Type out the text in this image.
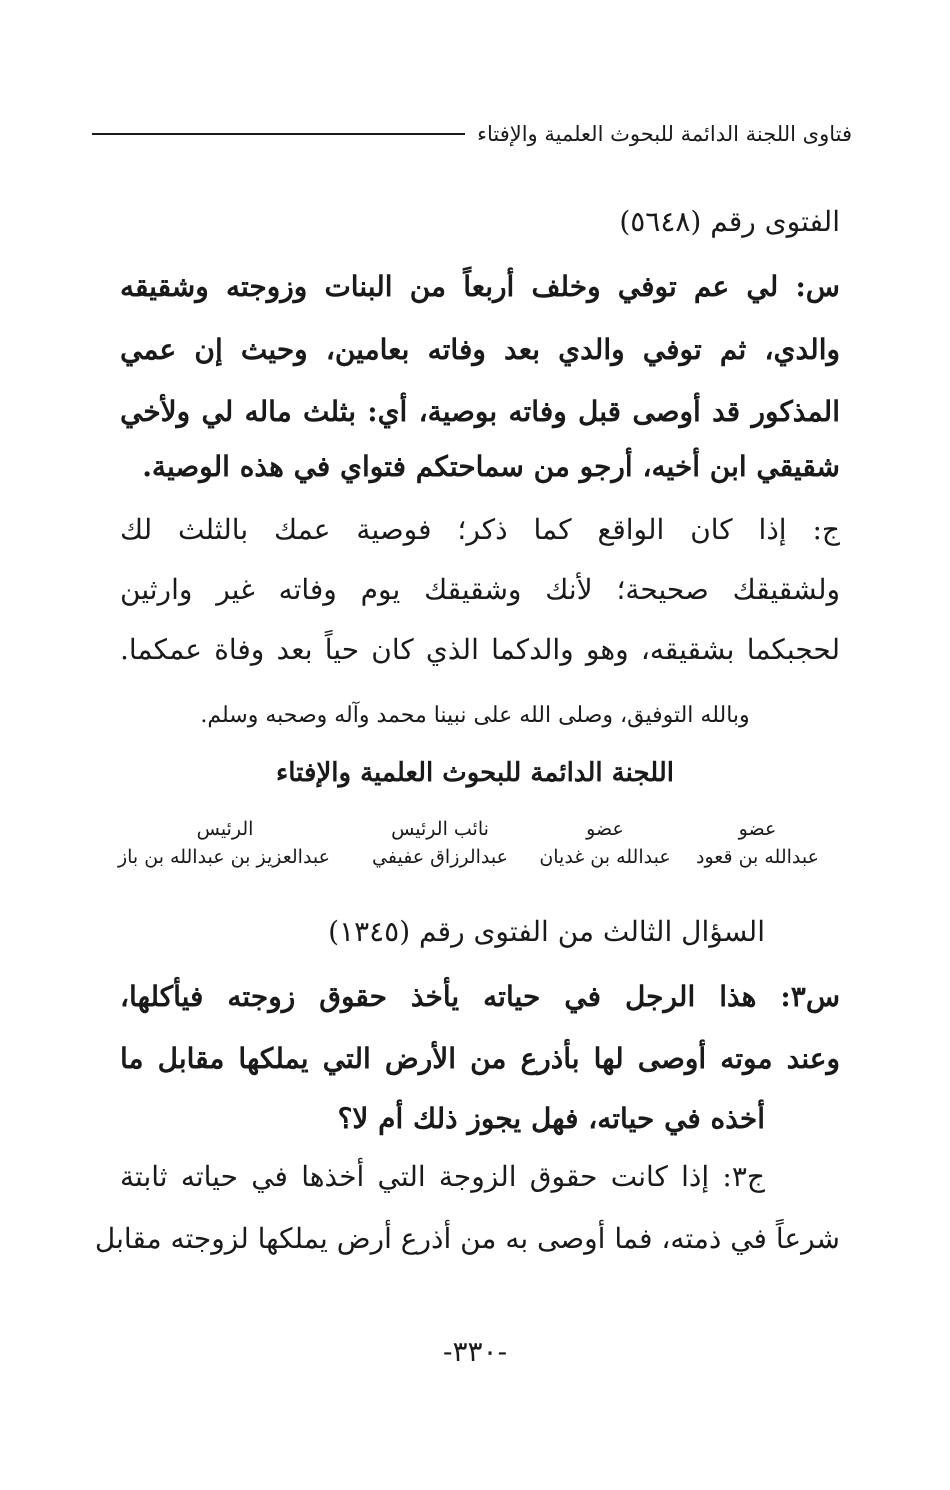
فتاوى اللجنة الدائمة للبحوث العلمية والإفتاء
الفتوى رقم (٥٦٤٨)
س: لي عم توفي وخلف أربعاً من البنات وزوجته وشقيقه
والدي، ثم توفي والدي بعد وفاته بعامين، وحيث إن عمي
المذكور قد أوصى قبل وفاته بوصية، أي: بثلث ماله لي ولأخي
شقيقي ابن أخيه، أرجو من سماحتكم فتواي في هذه الوصية.
ج: إذا كان الواقع كما ذكر؛ فوصية عمك بالثلث لك
ولشقيقك صحيحة؛ لأنك وشقيقك يوم وفاته غير وارثين
لحجبكما بشقيقه، وهو والدكما الذي كان حياً بعد وفاة عمكما.
وبالله التوفيق، وصلى الله على نبينا محمد وآله وصحبه وسلم.
اللجنة الدائمة للبحوث العلمية والإفتاء
الرئيس
عبدالعزيز بن عبدالله بن باز
نائب الرئيس
عبدالرزاق عفيفي
عضو
عبدالله بن غديان
عضو
عبدالله بن قعود
السؤال الثالث من الفتوى رقم (١٣٤٥)
س٣: هذا الرجل في حياته يأخذ حقوق زوجته فيأكلها،
وعند موته أوصى لها بأذرع من الأرض التي يملكها مقابل ما
أخذه في حياته، فهل يجوز ذلك أم لا؟
ج٣: إذا كانت حقوق الزوجة التي أخذها في حياته ثابتة
شرعاً في ذمته، فما أوصى به من أذرع أرض يملكها لزوجته مقابل
-٣٣٠-
